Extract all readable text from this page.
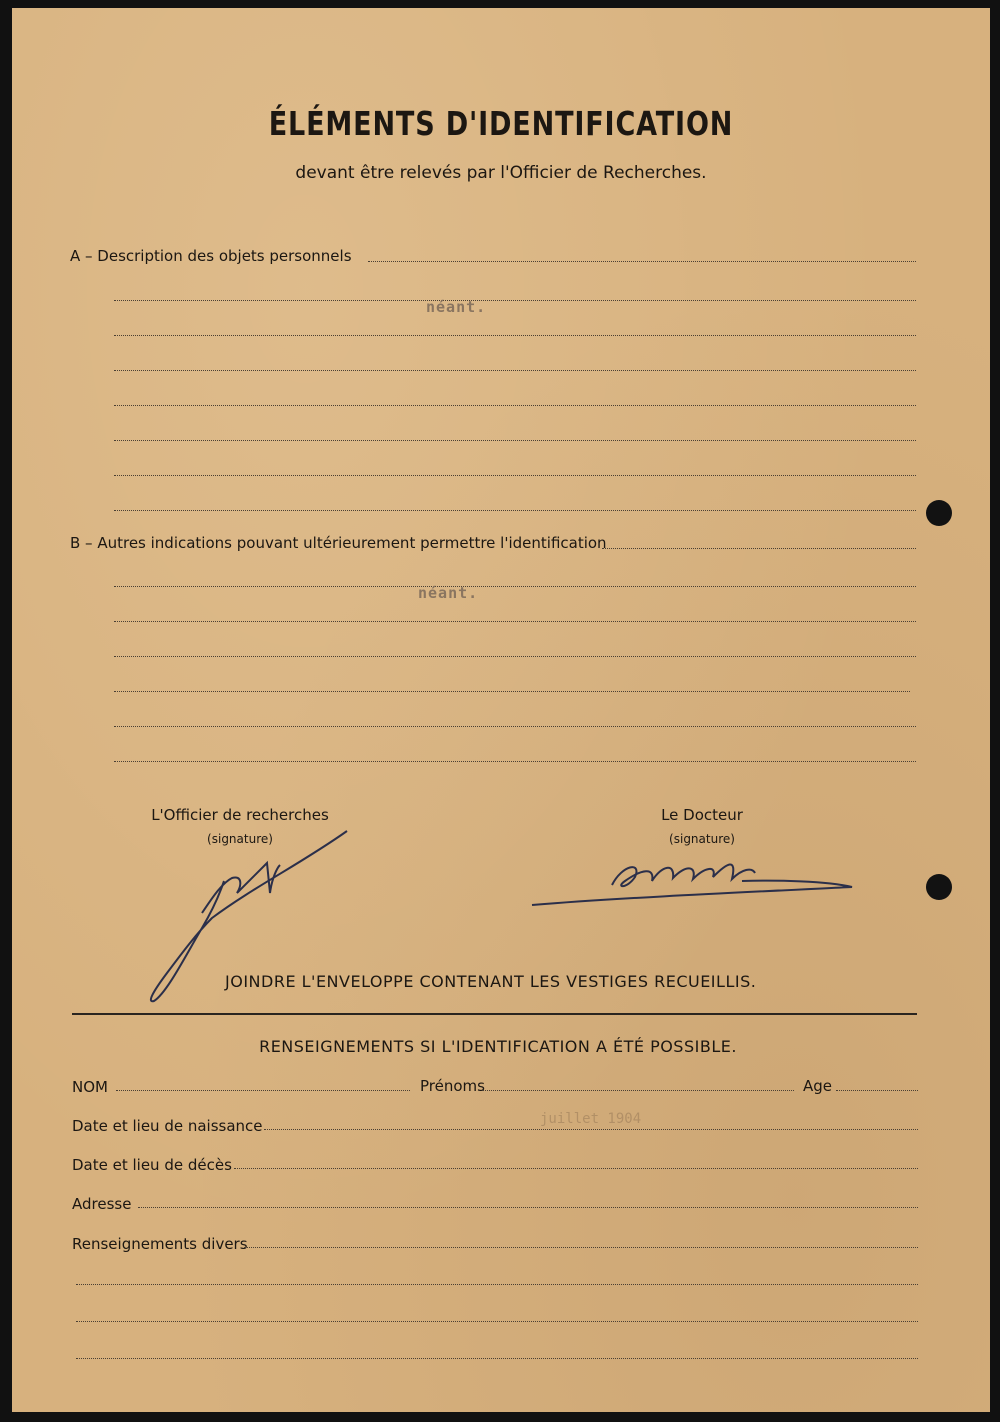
ÉLÉMENTS D'IDENTIFICATION
devant être relevés par l'Officier de Recherches.
A – Description des objets personnels
néant.
B – Autres indications pouvant ultérieurement permettre l'identification
néant.
L'Officier de recherches
(signature)
Le Docteur
(signature)
JOINDRE L'ENVELOPPE CONTENANT LES VESTIGES RECUEILLIS.
RENSEIGNEMENTS SI L'IDENTIFICATION A ÉTÉ POSSIBLE.
NOM	Prénoms	Age
Date et lieu de naissance	juillet 1904
Date et lieu de décès
Adresse
Renseignements divers
